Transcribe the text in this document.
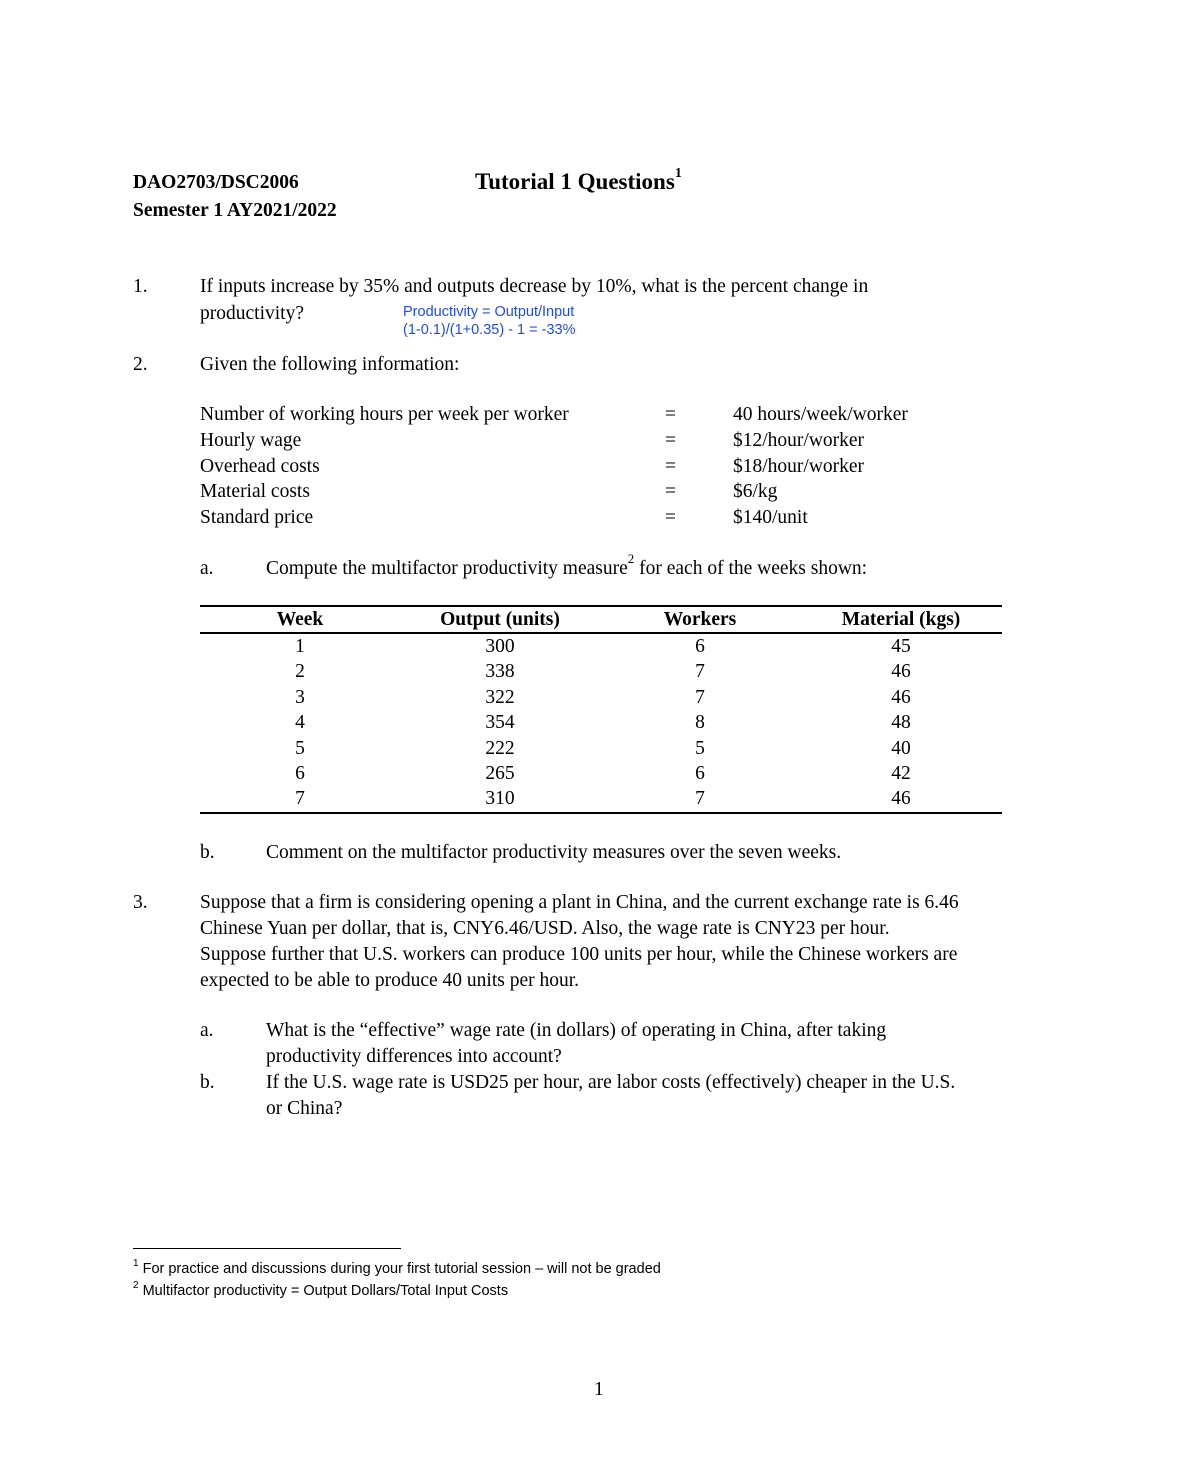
DAO2703/DSC2006
Semester 1 AY2021/2022
Tutorial 1 Questions$^1$
1.	If inputs increase by 35% and outputs decrease by 10%, what is the percent change in
productivity?	Productivity = Output/Input
(1-0.1)/(1+0.35) - 1 = -33%
2.	Given the following information:
Number of working hours per week per worker	=	40 hours/week/worker
Hourly wage	=	$12/hour/worker
Overhead costs	=	$18/hour/worker
Material costs	=	$6/kg
Standard price	=	$140/unit
a.	Compute the multifactor productivity measure$^2$ for each of the weeks shown:
Week	Output (units)	Workers	Material (kgs)
1	300	6	45
2	338	7	46
3	322	7	46
4	354	8	48
5	222	5	40
6	265	6	42
7	310	7	46
b.	Comment on the multifactor productivity measures over the seven weeks.
3.	Suppose that a firm is considering opening a plant in China, and the current exchange rate is 6.46
Chinese Yuan per dollar, that is, CNY6.46/USD. Also, the wage rate is CNY23 per hour.
Suppose further that U.S. workers can produce 100 units per hour, while the Chinese workers are
expected to be able to produce 40 units per hour.
a.	What is the “effective” wage rate (in dollars) of operating in China, after taking
productivity differences into account?
b.	If the U.S. wage rate is USD25 per hour, are labor costs (effectively) cheaper in the U.S.
or China?
$^1$ For practice and discussions during your first tutorial session – will not be graded
$^2$ Multifactor productivity = Output Dollars/Total Input Costs
1
